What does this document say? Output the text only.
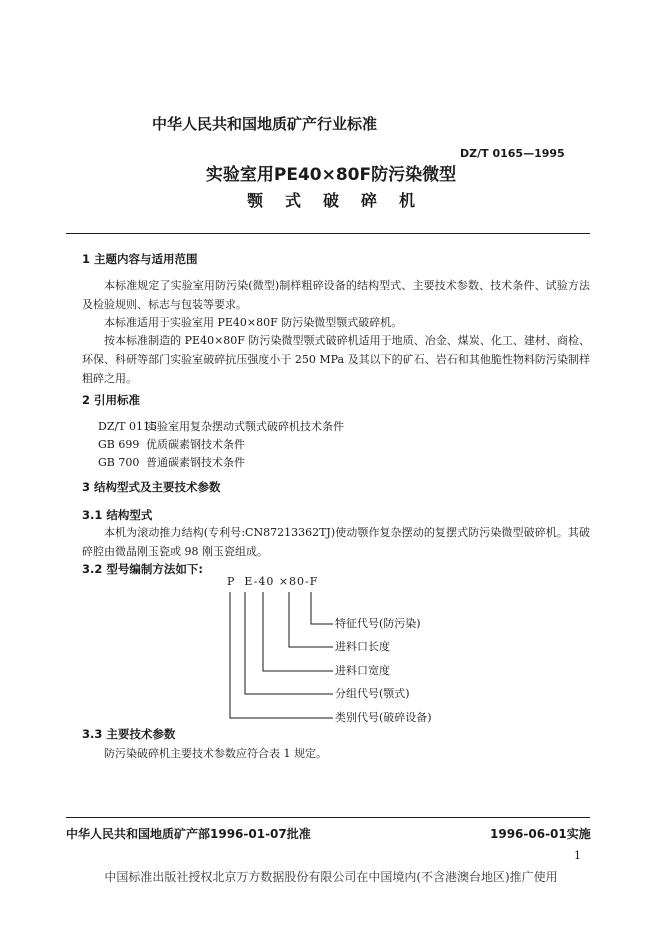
中华人民共和国地质矿产行业标准
DZ/T 0165—1995
实验室用PE40×80F防污染微型
颚式破碎机
1 主题内容与适用范围
本标准规定了实验室用防污染(微型)制样粗碎设备的结构型式、主要技术参数、技术条件、试验方法及检验规则、标志与包装等要求。
本标准适用于实验室用 PE40×80F 防污染微型颚式破碎机。
按本标准制造的 PE40×80F 防污染微型颚式破碎机适用于地质、冶金、煤炭、化工、建材、商检、环保、科研等部门实验室破碎抗压强度小于 250 MPa 及其以下的矿石、岩石和其他脆性物料防污染制样粗碎之用。
2 引用标准
DZ/T 0115实验室用复杂摆动式颚式破碎机技术条件
GB 699 优质碳素钢技术条件
GB 700 普通碳素钢技术条件
3 结构型式及主要技术参数
3.1 结构型式
本机为滚动推力结构(专利号:CN87213362TJ)使动颚作复杂摆动的复摆式防污染微型破碎机。其破碎腔由微晶刚玉瓷或 98 刚玉瓷组成。
3.2 型号编制方法如下:
P  E-40 ×80-F
特征代号(防污染)
进料口长度
进料口宽度
分组代号(颚式)
类别代号(破碎设备)
3.3 主要技术参数
防污染破碎机主要技术参数应符合表 1 规定。
中华人民共和国地质矿产部1996-01-07批准	1996-06-01实施
1
中国标准出版社授权北京万方数据股份有限公司在中国境内(不含港澳台地区)推广使用
